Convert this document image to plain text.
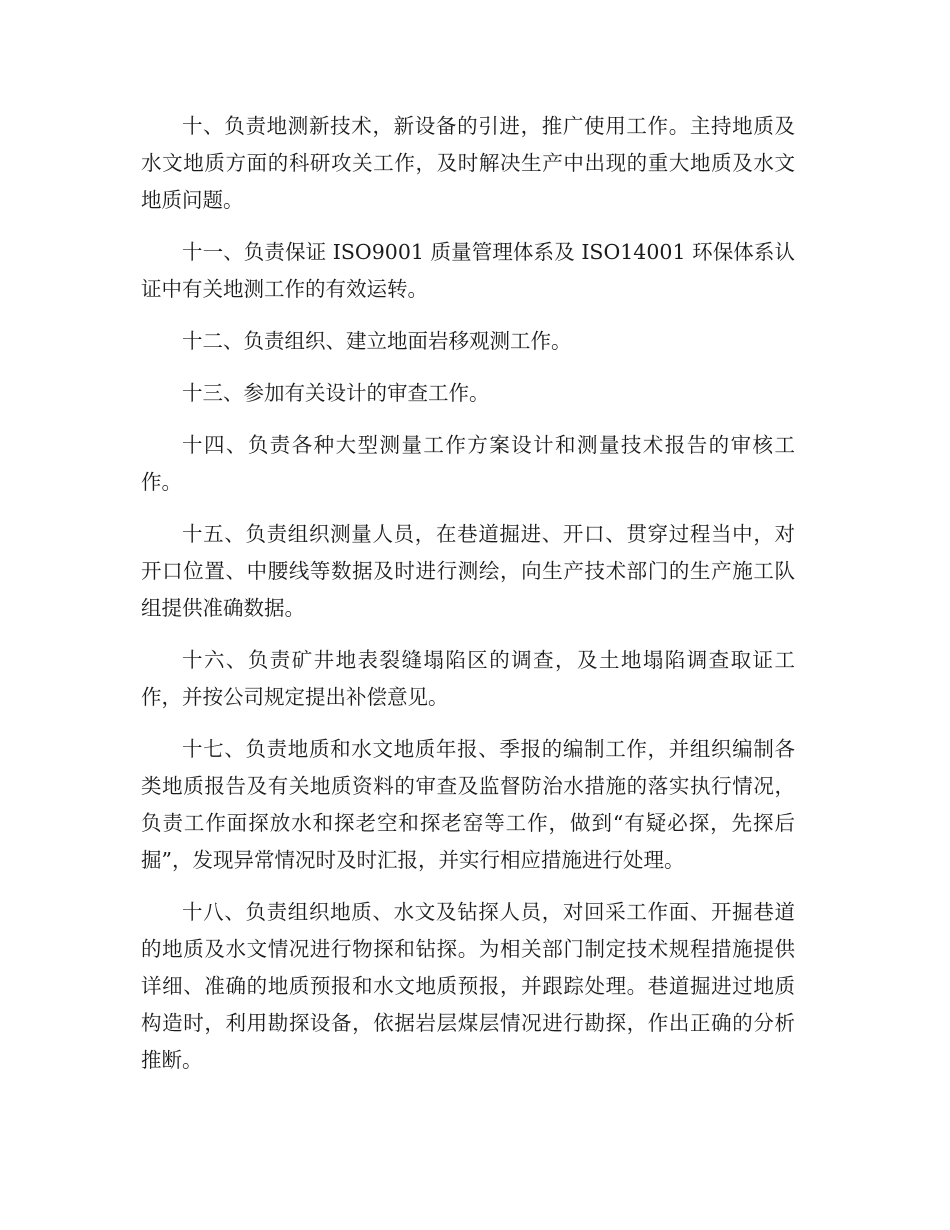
十、负责地测新技术，新设备的引进，推广使用工作。主持地质及水文地质方面的科研攻关工作，及时解决生产中出现的重大地质及水文地质问题。

十一、负责保证 ISO9001 质量管理体系及 ISO14001 环保体系认证中有关地测工作的有效运转。

十二、负责组织、建立地面岩移观测工作。

十三、参加有关设计的审查工作。

十四、负责各种大型测量工作方案设计和测量技术报告的审核工作。

十五、负责组织测量人员，在巷道掘进、开口、贯穿过程当中，对开口位置、中腰线等数据及时进行测绘，向生产技术部门的生产施工队组提供准确数据。

十六、负责矿井地表裂缝塌陷区的调查，及土地塌陷调查取证工作，并按公司规定提出补偿意见。

十七、负责地质和水文地质年报、季报的编制工作，并组织编制各类地质报告及有关地质资料的审查及监督防治水措施的落实执行情况，负责工作面探放水和探老空和探老窑等工作，做到“有疑必探，先探后掘”，发现异常情况时及时汇报，并实行相应措施进行处理。

十八、负责组织地质、水文及钻探人员，对回采工作面、开掘巷道的地质及水文情况进行物探和钻探。为相关部门制定技术规程措施提供详细、准确的地质预报和水文地质预报，并跟踪处理。巷道掘进过地质构造时，利用勘探设备，依据岩层煤层情况进行勘探，作出正确的分析推断。
